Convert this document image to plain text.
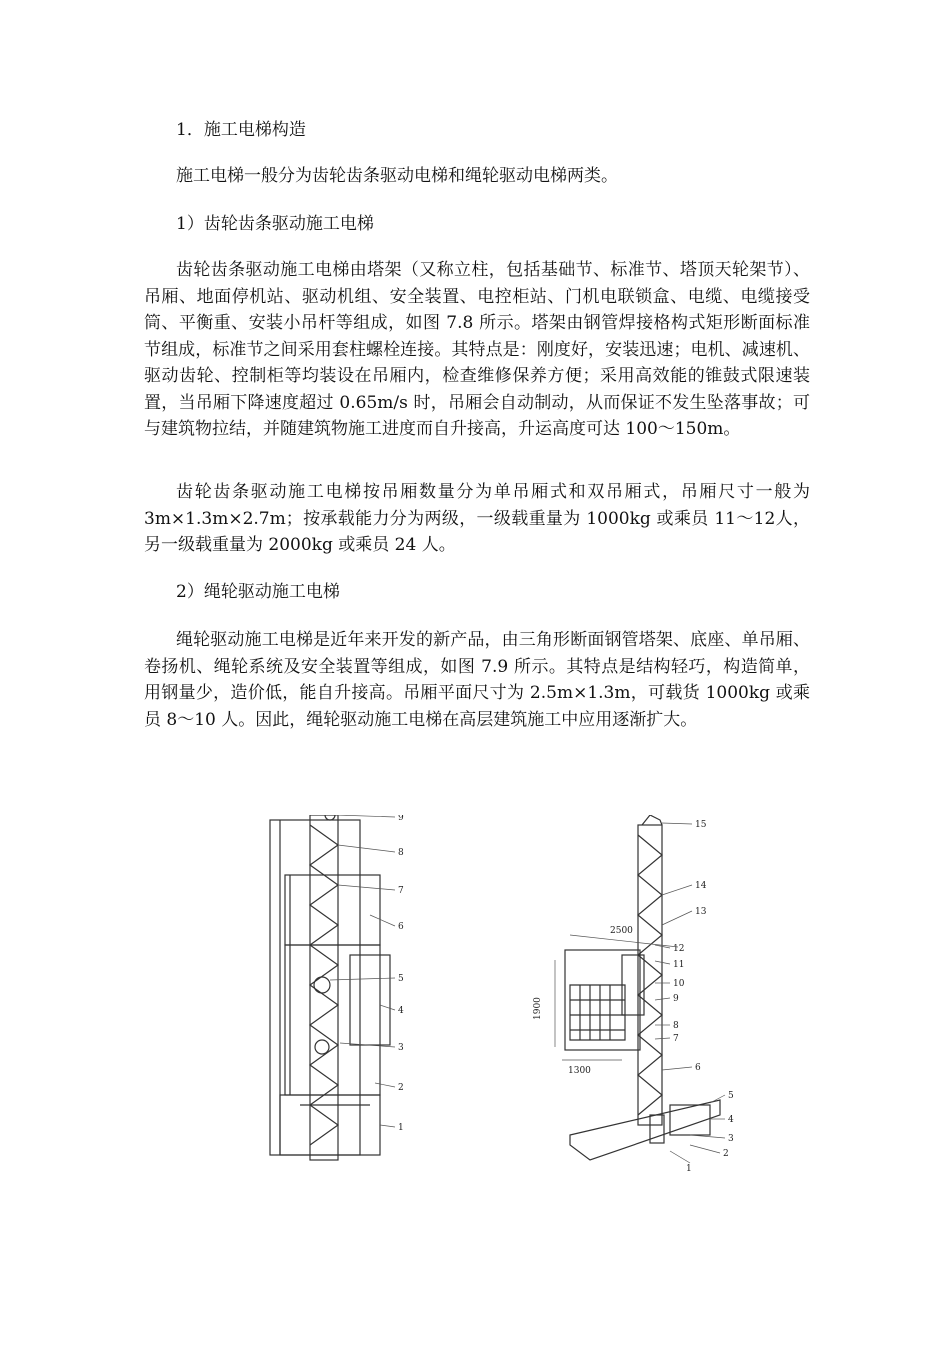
1．施工电梯构造
施工电梯一般分为齿轮齿条驱动电梯和绳轮驱动电梯两类。
1）齿轮齿条驱动施工电梯
齿轮齿条驱动施工电梯由塔架（又称立柱，包括基础节、标准节、塔顶天轮架节）、吊厢、地面停机站、驱动机组、安全装置、电控柜站、门机电联锁盒、电缆、电缆接受筒、平衡重、安装小吊杆等组成，如图 7.8 所示。塔架由钢管焊接格构式矩形断面标准节组成，标准节之间采用套柱螺栓连接。其特点是：刚度好，安装迅速；电机、减速机、驱动齿轮、控制柜等均装设在吊厢内，检查维修保养方便；采用高效能的锥鼓式限速装置，当吊厢下降速度超过 0.65m/s 时，吊厢会自动制动，从而保证不发生坠落事故；可与建筑物拉结，并随建筑物施工进度而自升接高，升运高度可达 100～150m。
齿轮齿条驱动施工电梯按吊厢数量分为单吊厢式和双吊厢式，吊厢尺寸一般为 3m×1.3m×2.7m；按承载能力分为两级，一级载重量为 1000kg 或乘员 11～12人，另一级载重量为 2000kg 或乘员 24 人。
2）绳轮驱动施工电梯
绳轮驱动施工电梯是近年来开发的新产品，由三角形断面钢管塔架、底座、单吊厢、卷扬机、绳轮系统及安全装置等组成，如图 7.9 所示。其特点是结构轻巧，构造简单，用钢量少，造价低，能自升接高。吊厢平面尺寸为 2.5m×1.3m，可载货 1000kg 或乘员 8～10 人。因此，绳轮驱动施工电梯在高层建筑施工中应用逐渐扩大。
9
8
7
6
5
4
3
2
1
15
14
13
12
11
10
9
8
7
6
5
4
3
2
1
2500
1900
1300
